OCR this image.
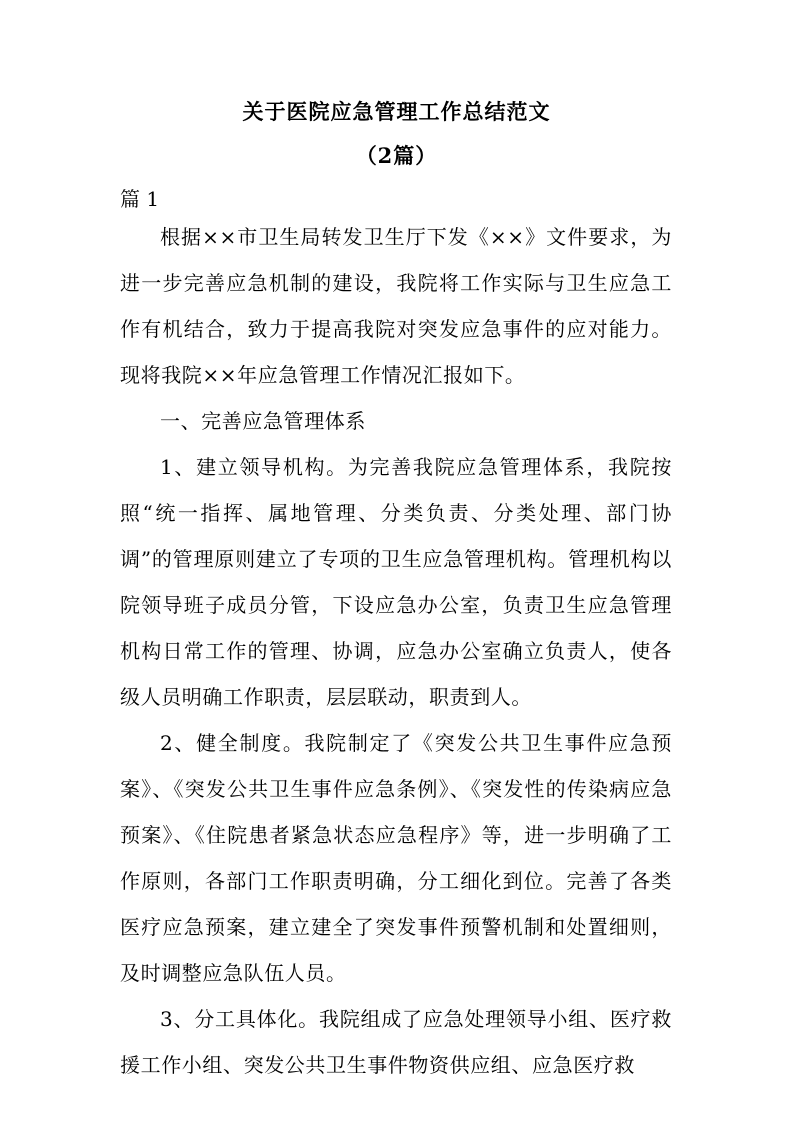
关于医院应急管理工作总结范文
（2篇）

篇 1

根据××市卫生局转发卫生厅下发《××》文件要求，为进一步完善应急机制的建设，我院将工作实际与卫生应急工作有机结合，致力于提高我院对突发应急事件的应对能力。现将我院××年应急管理工作情况汇报如下。

一、完善应急管理体系

1、建立领导机构。为完善我院应急管理体系，我院按照“统一指挥、属地管理、分类负责、分类处理、部门协调”的管理原则建立了专项的卫生应急管理机构。管理机构以院领导班子成员分管，下设应急办公室，负责卫生应急管理机构日常工作的管理、协调，应急办公室确立负责人，使各级人员明确工作职责，层层联动，职责到人。

2、健全制度。我院制定了《突发公共卫生事件应急预案》、《突发公共卫生事件应急条例》、《突发性的传染病应急预案》、《住院患者紧急状态应急程序》等，进一步明确了工作原则，各部门工作职责明确，分工细化到位。完善了各类医疗应急预案，建立建全了突发事件预警机制和处置细则，及时调整应急队伍人员。

3、分工具体化。我院组成了应急处理领导小组、医疗救援工作小组、突发公共卫生事件物资供应组、应急医疗救
